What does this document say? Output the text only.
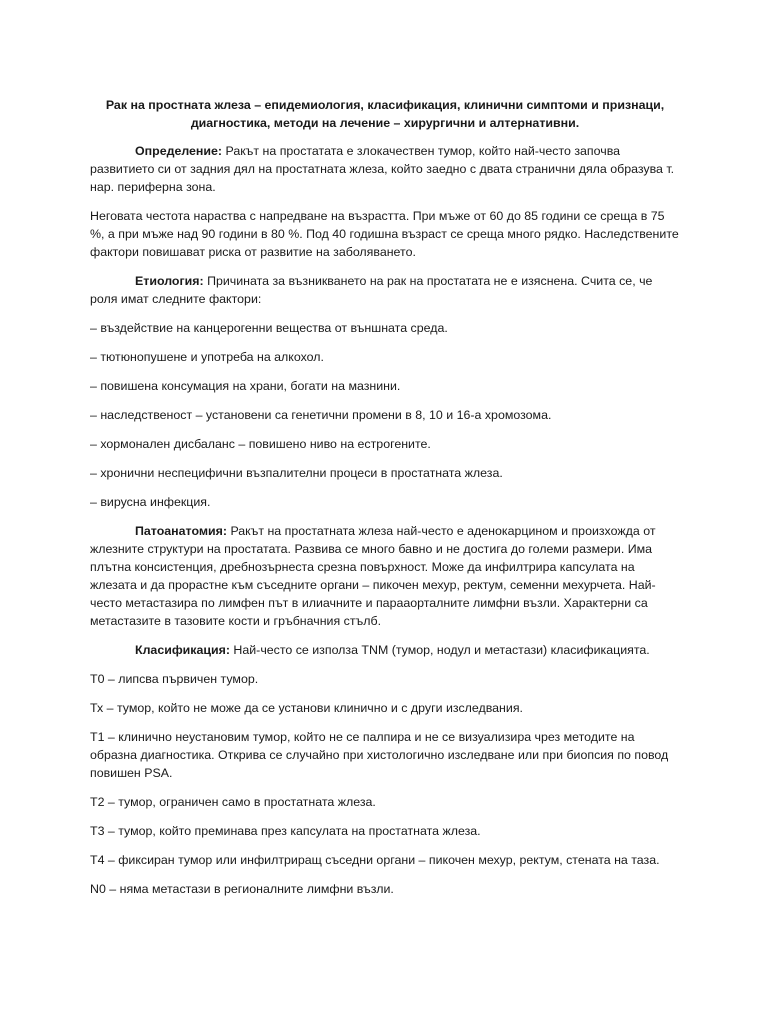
Рак на простната жлеза – епидемиология, класификация, клинични симптоми и признаци,
диагностика, методи на лечение – хирургични и алтернативни.

Определение: Ракът на простатата е злокачествен тумор, който най-често започва развитието си от задния дял на простатната жлеза, който заедно с двата странични дяла образува т. нар. периферна зона.

Неговата честота нараства с напредване на възрастта. При мъже от 60 до 85 години се среща в 75 %, а при мъже над 90 години в 80 %. Под 40 годишна възраст се среща много рядко. Наследствените фактори повишават риска от развитие на заболяването.

Етиология: Причината за възникването на рак на простатата не е изяснена. Счита се, че роля имат следните фактори:

– въздействие на канцерогенни вещества от външната среда.

– тютюнопушене и употреба на алкохол.

– повишена консумация на храни, богати на мазнини.

– наследственост – установени са генетични промени в 8, 10 и 16-а хромозома.

– хормонален дисбаланс – повишено ниво на естрогените.

– хронични неспецифични възпалителни процеси в простатната жлеза.

– вирусна инфекция.

Патоанатомия: Ракът на простатната жлеза най-често е аденокарцином и произхожда от жлезните структури на простатата. Развива се много бавно и не достига до големи размери. Има плътна консистенция, дребнозърнеста срезна повърхност. Може да инфилтрира капсулата на жлезата и да прорастне към съседните органи – пикочен мехур, ректум, семенни мехурчета. Най-често метастазира по лимфен път в илиачните и парааорталните лимфни възли. Характерни са метастазите в тазовите кости и гръбначния стълб.

Класификация: Най-често се използа TNM (тумор, нодул и метастази) класификацията.

Т0 – липсва първичен тумор.

Тх – тумор, който не може да се установи клинично и с други изследвания.

Т1 – клинично неустановим тумор, който не се палпира и не се визуализира чрез методите на образна диагностика. Открива се случайно при хистологично изследване или при биопсия по повод повишен PSA.

Т2 – тумор, ограничен само в простатната жлеза.

Т3 – тумор, който преминава през капсулата на простатната жлеза.

Т4 – фиксиран тумор или инфилтриращ съседни органи – пикочен мехур, ректум, стената на таза.

N0 – няма метастази в регионалните лимфни възли.
